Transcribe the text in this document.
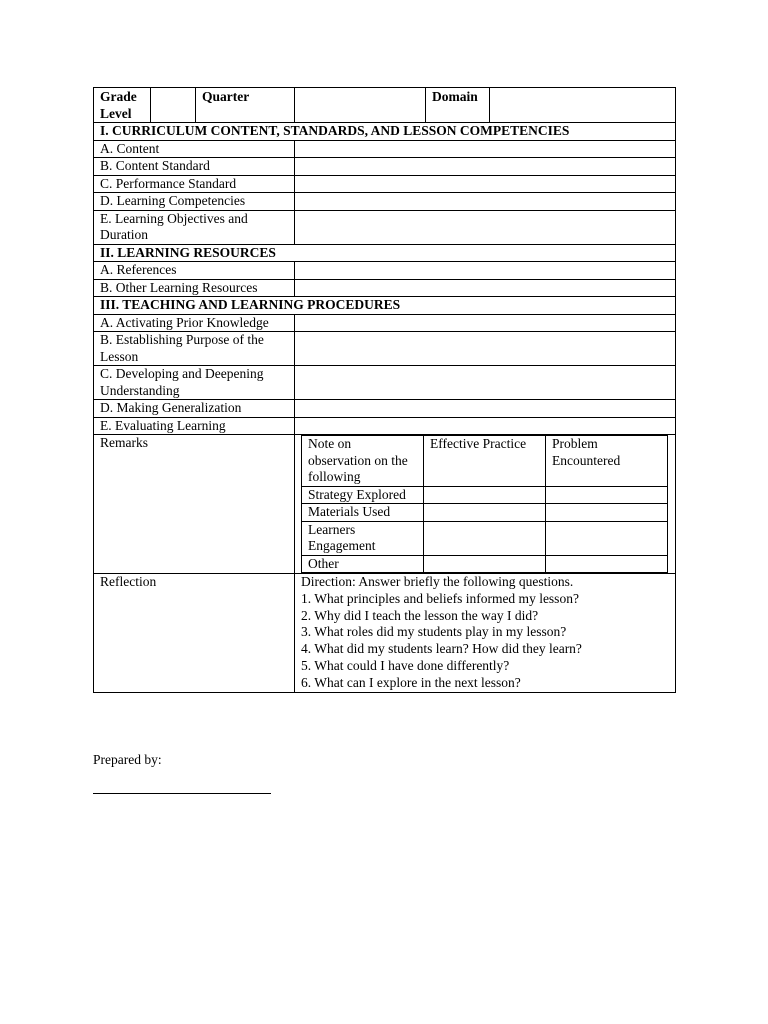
Grade Level		Quarter		Domain	
I. CURRICULUM CONTENT, STANDARDS, AND LESSON COMPETENCIES
A. Content	
B. Content Standard	
C. Performance Standard	
D. Learning Competencies	
E. Learning Objectives and Duration	
II. LEARNING RESOURCES
A. References	
B. Other Learning Resources	
III. TEACHING AND LEARNING PROCEDURES
A. Activating Prior Knowledge	
B. Establishing Purpose of the Lesson	
C. Developing and Deepening Understanding	
D. Making Generalization	
E. Evaluating Learning	
Remarks		Note on observation on the following	Effective Practice	Problem Encountered
Strategy Explored		
Materials Used		
Learners Engagement		
Other		

Reflection	Direction: Answer briefly the following questions.
1. What principles and beliefs informed my lesson?
2. Why did I teach the lesson the way I did?
3. What roles did my students play in my lesson?
4. What did my students learn? How did they learn?
5. What could I have done differently?
6. What can I explore in the next lesson?
Prepared by:
